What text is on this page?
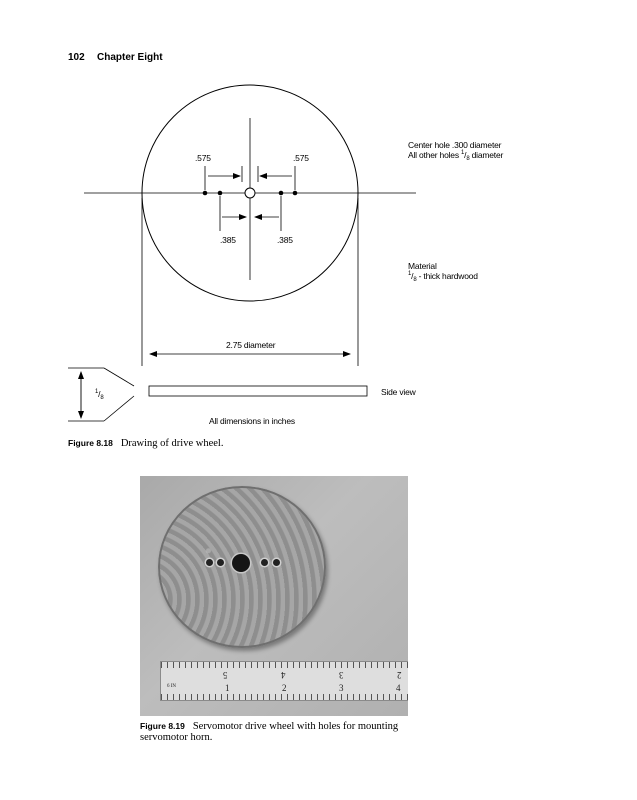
102 Chapter Eight
.575	.575
.385	.385
Center hole .300 diameter
All other holes $^1/_8$ diameter
Material
$^1/_8$ - thick hardwood
2.75 diameter
$^1/_8$
Side view
All dimensions in inches
Figure 8.18 Drawing of drive wheel.
5	4	3	2
1	2	3	4
6 IN
Figure 8.19 Servomotor drive wheel with holes for mounting
servomotor horn.
